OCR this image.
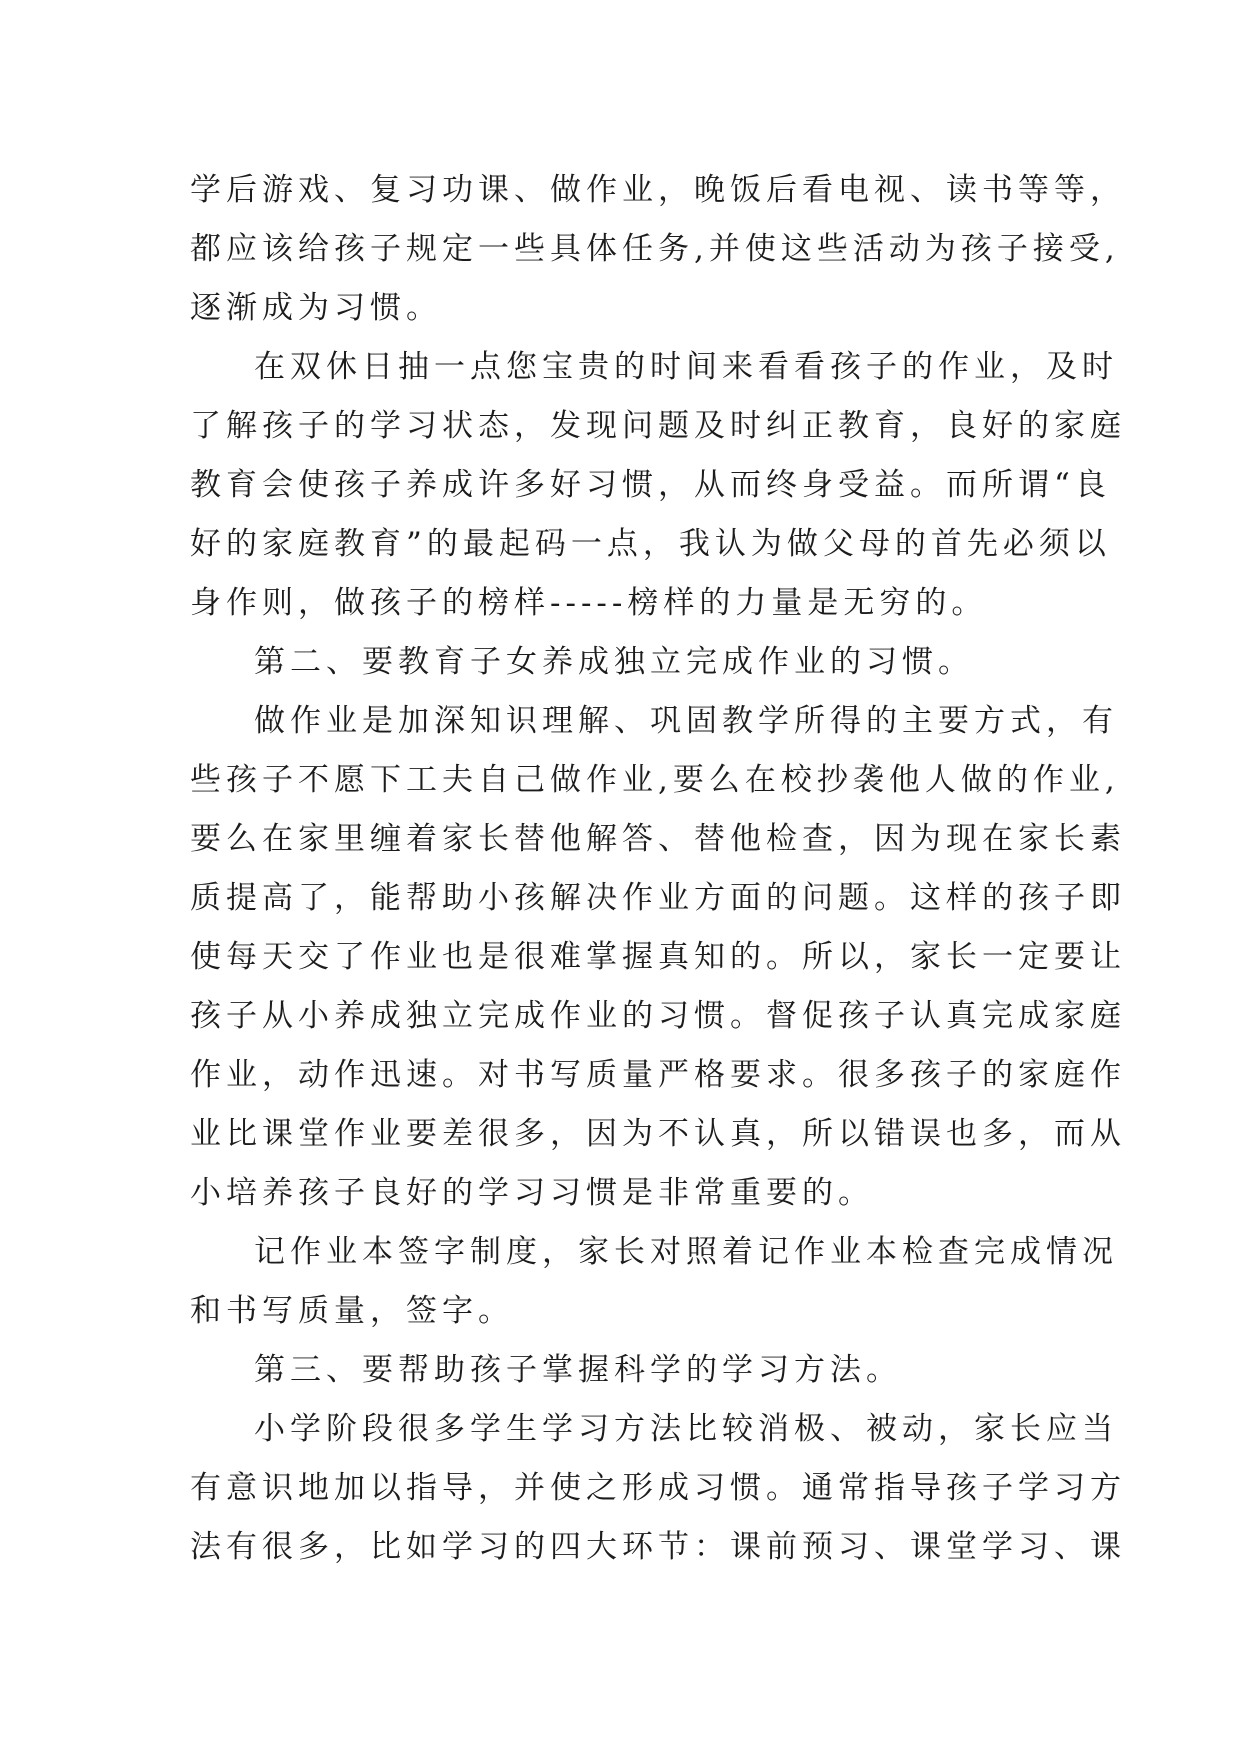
学后游戏、复习功课、做作业，晚饭后看电视、读书等等，
都应该给孩子规定一些具体任务,并使这些活动为孩子接受,
逐渐成为习惯。
在双休日抽一点您宝贵的时间来看看孩子的作业，及时
了解孩子的学习状态，发现问题及时纠正教育，良好的家庭
教育会使孩子养成许多好习惯，从而终身受益。而所谓“良
好的家庭教育”的最起码一点，我认为做父母的首先必须以
身作则，做孩子的榜样-----榜样的力量是无穷的。
第二、要教育子女养成独立完成作业的习惯。
做作业是加深知识理解、巩固教学所得的主要方式，有
些孩子不愿下工夫自己做作业,要么在校抄袭他人做的作业,
要么在家里缠着家长替他解答、替他检查，因为现在家长素
质提高了，能帮助小孩解决作业方面的问题。这样的孩子即
使每天交了作业也是很难掌握真知的。所以，家长一定要让
孩子从小养成独立完成作业的习惯。督促孩子认真完成家庭
作业，动作迅速。对书写质量严格要求。很多孩子的家庭作
业比课堂作业要差很多，因为不认真，所以错误也多，而从
小培养孩子良好的学习习惯是非常重要的。
记作业本签字制度，家长对照着记作业本检查完成情况
和书写质量，签字。
第三、要帮助孩子掌握科学的学习方法。
小学阶段很多学生学习方法比较消极、被动，家长应当
有意识地加以指导，并使之形成习惯。通常指导孩子学习方
法有很多，比如学习的四大环节：课前预习、课堂学习、课
